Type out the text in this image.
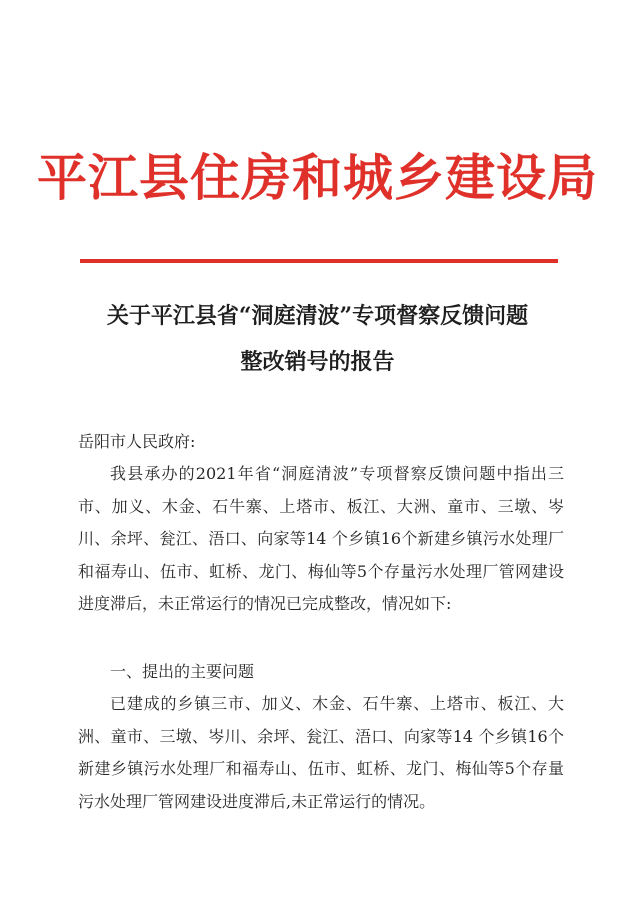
平江县住房和城乡建设局
关于平江县省“洞庭清波”专项督察反馈问题
整改销号的报告
岳阳市人民政府:
我县承办的2021年省“洞庭清波”专项督察反馈问题中指出三市、加义、木金、石牛寨、上塔市、板江、大洲、童市、三墩、岑川、余坪、瓮江、浯口、向家等14 个乡镇16个新建乡镇污水处理厂和福寿山、伍市、虹桥、龙门、梅仙等5个存量污水处理厂管网建设进度滞后，未正常运行的情况已完成整改，情况如下:
一、提出的主要问题
已建成的乡镇三市、加义、木金、石牛寨、上塔市、板江、大洲、童市、三墩、岑川、余坪、瓮江、浯口、向家等14 个乡镇16个新建乡镇污水处理厂和福寿山、伍市、虹桥、龙门、梅仙等5个存量污水处理厂管网建设进度滞后,未正常运行的情况。
